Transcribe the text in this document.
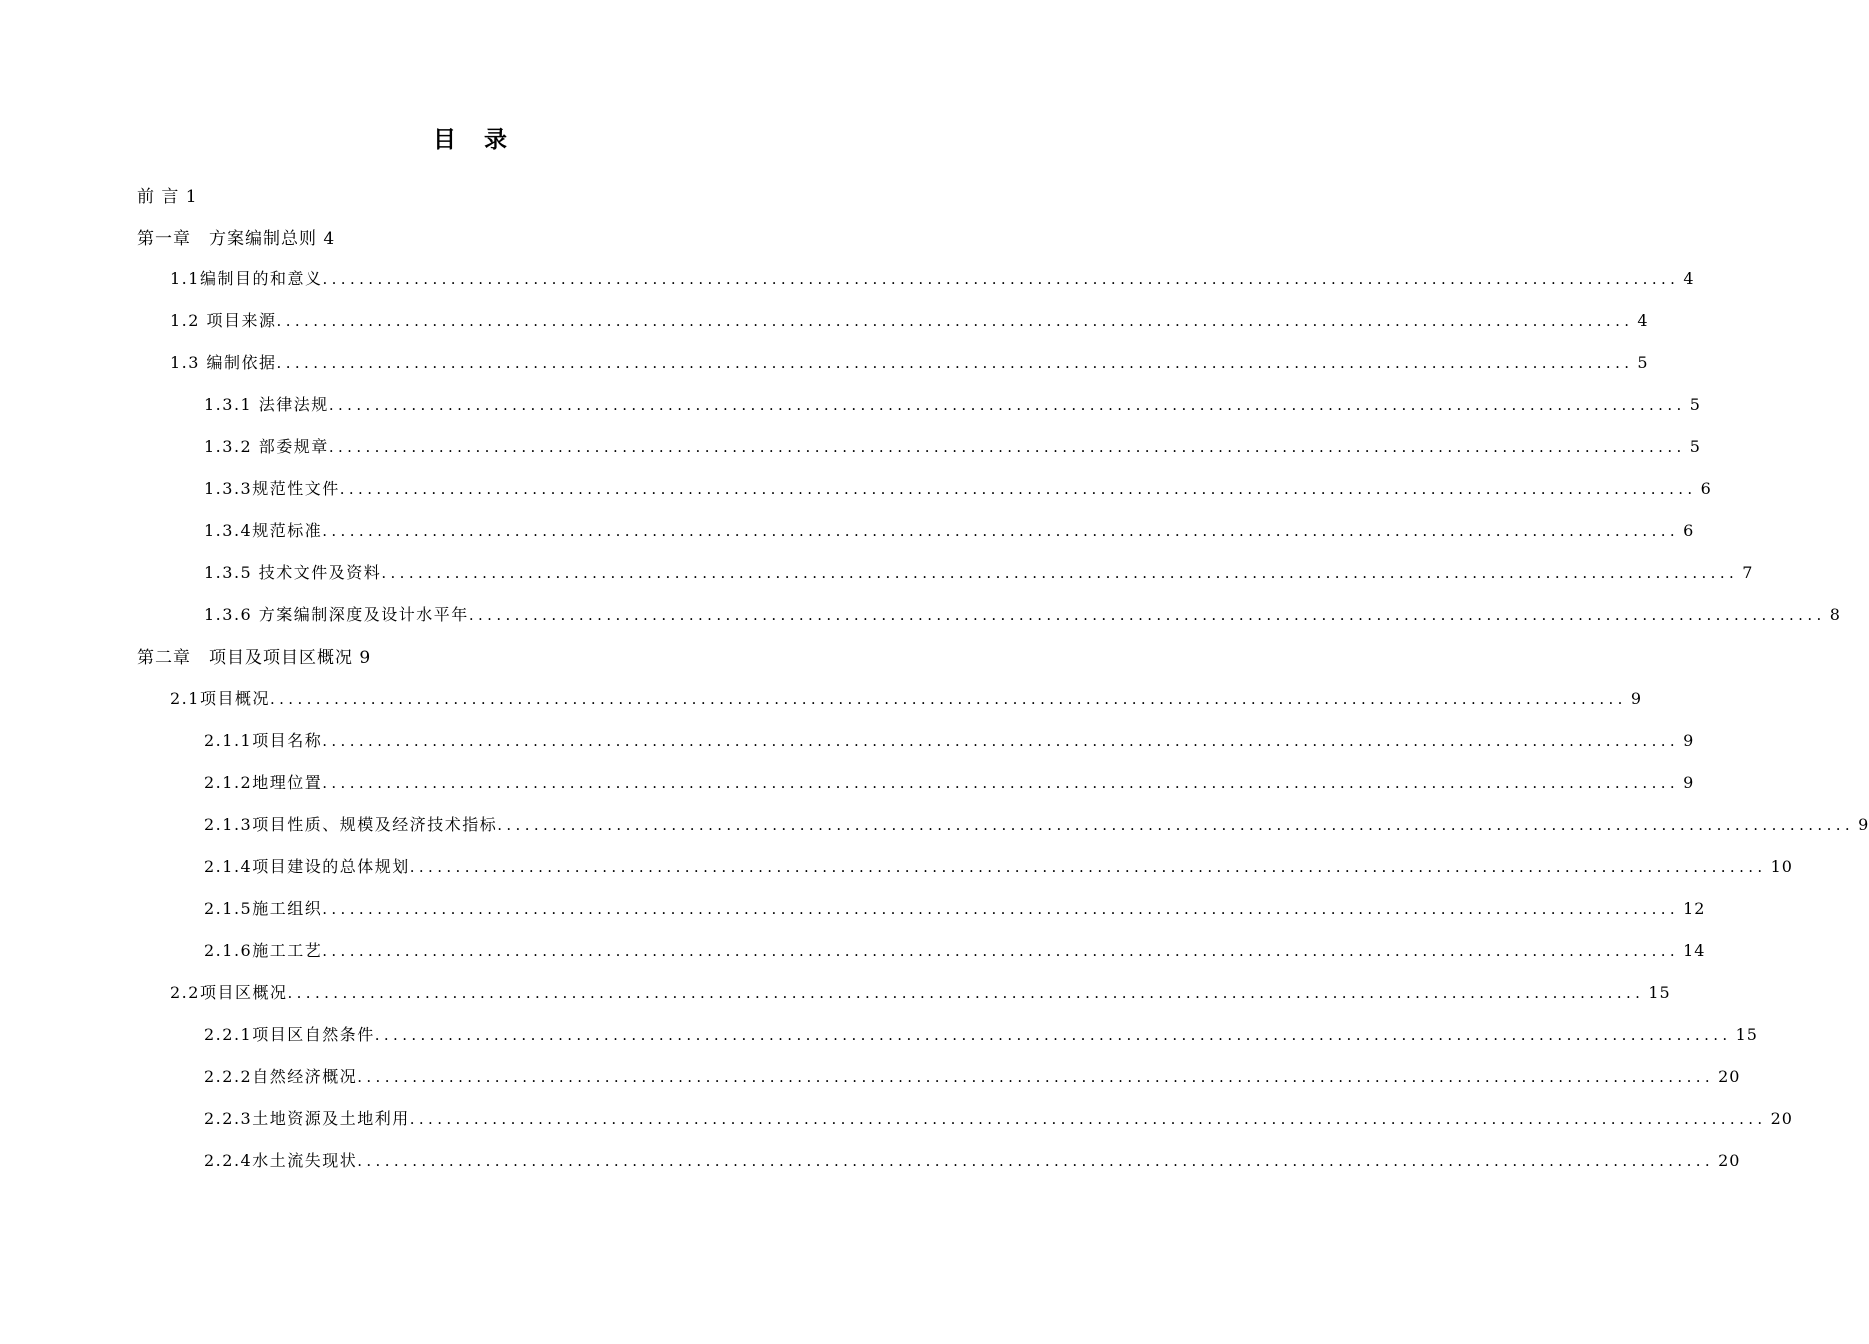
目 录
前 言 1
第一章　方案编制总则 4
1.1编制目的和意义 .................................................................................................................................................... 4
1.2 项目来源 .................................................................................................................................................... 4
1.3 编制依据 .................................................................................................................................................... 5
1.3.1 法律法规 .................................................................................................................................................... 5
1.3.2 部委规章 .................................................................................................................................................... 5
1.3.3规范性文件 .................................................................................................................................................... 6
1.3.4规范标准 .................................................................................................................................................... 6
1.3.5 技术文件及资料 .................................................................................................................................................... 7
1.3.6 方案编制深度及设计水平年 .................................................................................................................................................... 8
第二章　项目及项目区概况 9
2.1项目概况 .................................................................................................................................................... 9
2.1.1项目名称 .................................................................................................................................................... 9
2.1.2地理位置 .................................................................................................................................................... 9
2.1.3项目性质、规模及经济技术指标 .................................................................................................................................................... 9
2.1.4项目建设的总体规划 .................................................................................................................................................... 10
2.1.5施工组织 .................................................................................................................................................... 12
2.1.6施工工艺 .................................................................................................................................................... 14
2.2项目区概况 .................................................................................................................................................... 15
2.2.1项目区自然条件 .................................................................................................................................................... 15
2.2.2自然经济概况 .................................................................................................................................................... 20
2.2.3土地资源及土地利用 .................................................................................................................................................... 20
2.2.4水土流失现状 .................................................................................................................................................... 20
